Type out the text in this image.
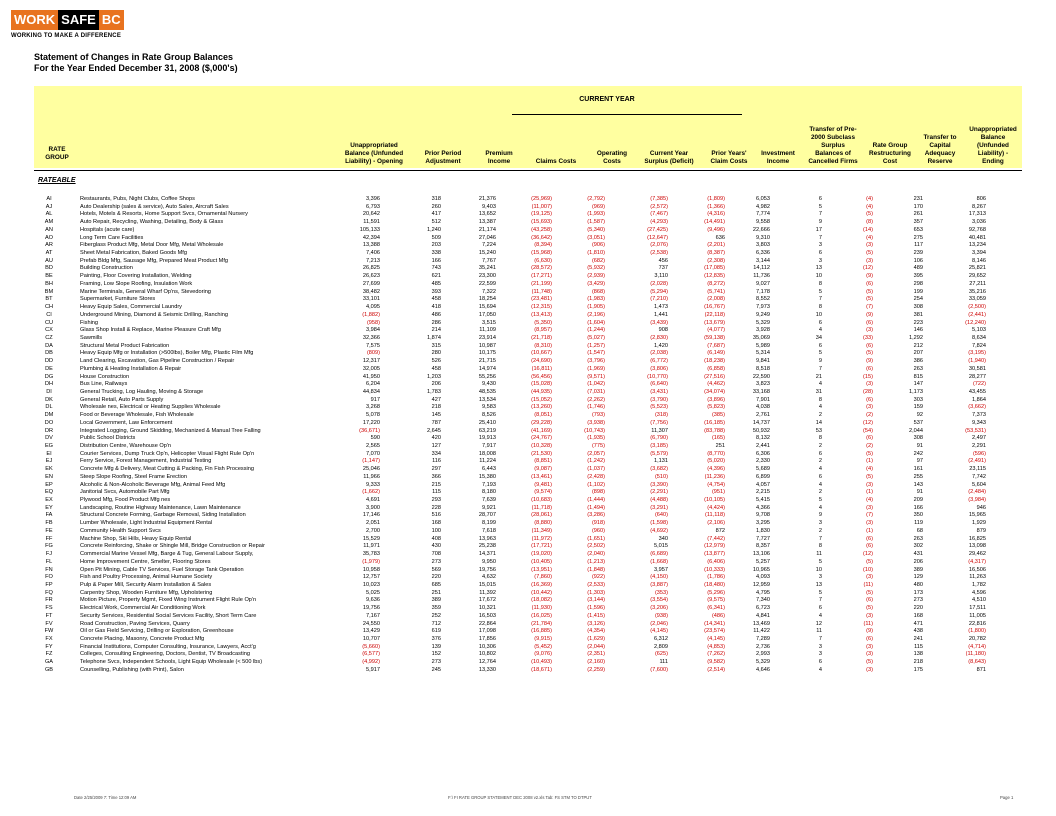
WORK SAFE BC
WORKING TO MAKE A DIFFERENCE
Statement of Changes in Rate Group Balances
For the Year Ended December 31, 2008 ($,000's)
CURRENT YEAR
RATE
GROUP
Unappropriated
Balance (Unfunded
Liability) - Opening
Prior Period
Adjustment
Premium
Income	Claims Costs
Operating
Costs
Current Year
Surplus (Deficit)
Prior Years'
Claim Costs
Investment
Income
Transfer of Pre-
2000 Subclass
Surplus
Balances of
Cancelled Firms
Rate Group
Restructuring
Cost
Transfer to
Capital
Adequacy
Reserve
Unappropriated
Balance
(Unfunded
Liability) -
Ending
RATEABLE
AI	Restaurants, Pubs, Night Clubs, Coffee Shops	3,396	318	21,376	(25,969)	(2,792)	(7,385)	(1,809)	6,053	6	(4)	231	806
AJ	Auto Dealership (sales & service), Auto Sales, Aircraft Sales	6,793	260	9,403	(11,007)	(969)	(2,572)	(1,366)	4,982	5	(4)	170	8,267
AL	Hotels, Motels & Resorts, Home Support Svcs, Ornamental Nursery	20,642	417	13,652	(19,125)	(1,993)	(7,467)	(4,316)	7,774	7	(5)	261	17,313
AM	Auto Repair, Recycling, Washing, Detailing, Body & Glass	11,591	512	13,387	(15,693)	(1,587)	(4,293)	(14,491)	9,558	9	(8)	357	3,036
AN	Hospitals (acute care)	105,133	1,240	21,174	(43,258)	(5,340)	(27,425)	(9,496)	22,666	17	(14)	653	92,768
AO	Long Term Care Facilities	42,394	509	27,046	(36,642)	(3,051)	(12,647)	636	9,310	7	(4)	275	40,481
AR	Fiberglass Product Mfg, Metal Door Mfg, Metal Wholesale	13,388	203	7,224	(8,394)	(906)	(2,076)	(2,201)	3,803	3	(3)	117	13,234
AT	Sheet Metal Fabrication, Baked Goods Mfg	7,406	338	15,240	(15,968)	(1,810)	(2,538)	(8,387)	6,336	6	(5)	239	3,394
AU	Prefab Bldg Mfg, Sausage Mfg, Prepared Meat Product Mfg	7,213	166	7,767	(6,630)	(682)	456	(2,308)	3,144	3	(3)	106	8,146
BD	Building Construction	26,825	743	35,241	(28,572)	(5,932)	737	(17,085)	14,112	13	(12)	489	25,821
BE	Painting, Floor Covering Installation, Welding	26,623	621	23,300	(17,271)	(2,939)	3,110	(12,835)	11,736	10	(9)	395	29,652
BH	Framing, Low Slope Roofing, Insulation Work	27,699	485	22,599	(21,199)	(3,429)	(2,028)	(8,272)	9,027	8	(6)	298	27,211
BM	Marine Terminals, General Wharf Op'ns, Stevedoring	38,482	393	7,322	(11,748)	(868)	(5,294)	(5,741)	7,178	5	(5)	199	35,216
BT	Supermarket, Furniture Stores	33,101	458	18,254	(23,481)	(1,983)	(7,210)	(2,008)	8,552	7	(5)	254	33,059
CH	Heavy Equip Sales, Commercial Laundry	4,095	418	15,694	(12,315)	(1,905)	1,473	(16,767)	7,973	8	(7)	308	(2,500)
CI	Underground Mining, Diamond & Seismic Drilling, Ranching	(1,882)	486	17,050	(13,413)	(2,196)	1,441	(22,118)	9,249	10	(9)	381	(2,441)
CU	Fishing	(958)	286	3,515	(5,350)	(1,604)	(3,439)	(13,679)	5,329	6	(6)	223	(12,240)
CX	Glass Shop Install & Replace, Marine Pleasure Craft Mfg	3,984	214	11,109	(8,957)	(1,244)	908	(4,077)	3,928	4	(3)	146	5,103
CZ	Sawmills	32,366	1,874	23,914	(21,718)	(5,027)	(2,830)	(59,138)	35,069	34	(33)	1,292	8,634
DA	Structural Metal Product Fabrication	7,575	315	10,987	(8,310)	(1,257)	1,420	(7,687)	5,989	6	(6)	212	7,824
DB	Heavy Equip Mfg or Installation (>500lbs), Boiler Mfg, Plastic Film Mfg	(809)	280	10,175	(10,667)	(1,547)	(2,038)	(6,149)	5,314	5	(5)	207	(3,195)
DD	Land Clearing, Excavation, Gas Pipeline Construction / Repair	12,317	526	21,715	(24,690)	(3,796)	(6,772)	(18,238)	9,841	9	(9)	386	(1,940)
DE	Plumbing & Heating Installation & Repair	32,005	458	14,974	(16,811)	(1,969)	(3,806)	(6,858)	8,518	7	(6)	263	30,581
DG	House Construction	41,950	1,203	55,256	(56,456)	(9,571)	(10,770)	(27,516)	22,590	21	(15)	815	28,277
DH	Bus Line, Railways	6,204	206	9,430	(15,028)	(1,042)	(6,640)	(4,462)	3,823	4	(3)	147	(722)
DI	General Trucking, Log Hauling, Moving & Storage	44,834	1,783	48,535	(44,935)	(7,031)	(3,431)	(34,074)	33,168	31	(28)	1,173	43,455
DK	General Retail, Auto Parts Supply	917	427	13,534	(15,052)	(2,262)	(3,790)	(3,896)	7,901	8	(6)	303	1,864
DL	Wholesale nes, Electrical or Heating Supplies Wholesale	3,268	218	9,583	(13,260)	(1,746)	(5,523)	(5,823)	4,038	4	(3)	159	(3,662)
DM	Food or Beverage Wholesale, Fish Wholesale	5,078	145	8,526	(8,051)	(793)	(318)	(385)	2,761	2	(2)	92	7,373
DO	Local Government, Law Enforcement	17,220	787	25,410	(29,228)	(3,938)	(7,756)	(16,185)	14,737	14	(12)	537	9,343
DR	Integrated Logging, Ground Skidding, Mechanized & Manual Tree Falling	(36,671)	2,645	63,219	(41,169)	(10,743)	11,307	(83,788)	50,932	53	(54)	2,044	(53,531)
DV	Public School Districts	590	420	19,913	(24,767)	(1,935)	(6,790)	(165)	8,132	8	(6)	308	2,497
EG	Distribution Centre, Warehouse Op'n	2,565	127	7,917	(10,328)	(775)	(3,185)	251	2,441	2	(2)	91	2,291
EI	Courier Services, Dump Truck Op'n, Helicopter Visual Flight Rule Op'n	7,070	334	18,008	(21,530)	(2,057)	(5,579)	(8,770)	6,306	6	(5)	242	(596)
EJ	Ferry Service, Forest Management, Industrial Testing	(1,147)	116	11,224	(8,851)	(1,242)	1,131	(5,020)	2,330	2	(1)	97	(2,491)
EK	Concrete Mfg & Delivery, Meat Cutting & Packing, Fin Fish Processing	25,046	297	6,443	(9,087)	(1,037)	(3,682)	(4,396)	5,689	4	(4)	161	23,115
EN	Steep Slope Roofing, Steel Frame Erection	11,966	366	15,380	(13,461)	(2,428)	(510)	(11,236)	6,899	6	(5)	255	7,742
EP	Alcoholic & Non-Alcoholic Beverage Mfg, Animal Feed Mfg	9,333	215	7,193	(9,481)	(1,102)	(3,390)	(4,754)	4,057	4	(3)	143	5,604
EQ	Janitorial Svcs, Automobile Part Mfg	(1,662)	115	8,180	(9,574)	(898)	(2,291)	(951)	2,215	2	(1)	91	(2,484)
EX	Plywood Mfg, Food Product Mfg nes	4,691	293	7,639	(10,683)	(1,444)	(4,488)	(10,105)	5,415	5	(4)	209	(3,984)
EY	Landscaping, Routine Highway Maintenance, Lawn Maintenance	3,900	228	9,921	(11,718)	(1,494)	(3,291)	(4,424)	4,366	4	(3)	166	946
FA	Structural Concrete Forming, Garbage Removal, Siding Installation	17,146	516	28,707	(28,061)	(3,286)	(640)	(11,118)	9,708	9	(7)	350	15,965
FB	Lumber Wholesale, Light Industrial Equipment Rental	2,051	168	8,199	(8,880)	(918)	(1,598)	(2,106)	3,295	3	(3)	119	1,929
FE	Community Health Support Svcs	2,700	100	7,618	(11,349)	(960)	(4,692)	872	1,830	2	(1)	68	879
FF	Machine Shop, Ski Hills, Heavy Equip Rental	15,529	408	13,963	(11,972)	(1,651)	340	(7,442)	7,727	7	(6)	263	16,825
FG	Concrete Reinforcing, Shake or Shingle Mill, Bridge Construction or Repair	11,971	430	25,238	(17,721)	(2,502)	5,015	(12,979)	8,357	8	(6)	302	13,098
FJ	Commercial Marine Vessel Mfg, Barge & Tug, General Labour Supply,	35,783	708	14,371	(19,020)	(2,040)	(6,689)	(13,877)	13,106	11	(12)	431	29,462
FL	Home Improvement Centre, Smelter, Flooring Stores	(1,979)	273	9,950	(10,405)	(1,213)	(1,668)	(6,406)	5,257	5	(5)	206	(4,317)
FN	Open Pit Mining, Cable TV Services, Fuel Storage Tank Operation	10,958	569	19,756	(13,951)	(1,848)	3,957	(10,333)	10,965	10	(10)	389	16,506
FO	Fish and Poultry Processing, Animal Humane Society	12,757	220	4,632	(7,860)	(922)	(4,150)	(1,786)	4,093	3	(3)	129	11,263
FP	Pulp & Paper Mill, Security Alarm Installation & Sales	10,023	685	15,015	(16,369)	(2,533)	(3,887)	(18,480)	12,959	13	(11)	480	1,782
FQ	Carpentry Shop, Wooden Furniture Mfg, Upholstering	5,025	251	11,392	(10,442)	(1,303)	(353)	(5,296)	4,795	5	(5)	173	4,596
FR	Motion Picture, Property Mgmt, Fixed Wing Instrument Flight Rule Op'n	9,636	389	17,672	(18,082)	(3,144)	(3,554)	(9,575)	7,340	7	(6)	273	4,510
FS	Electrical Work, Commercial Air Conditioning Work	19,756	359	10,321	(11,930)	(1,596)	(3,206)	(6,341)	6,723	6	(5)	220	17,511
FT	Security Services, Residential Social Services Facility, Short Term Care	7,167	252	16,503	(16,025)	(1,415)	(938)	(486)	4,841	4	(3)	168	11,005
FV	Road Construction, Paving Services, Quarry	24,550	712	22,864	(21,784)	(3,126)	(2,046)	(14,341)	13,469	12	(11)	471	22,816
FW	Oil or Gas Field Servicing, Drilling or Exploration, Greenhouse	13,429	619	17,098	(16,885)	(4,354)	(4,145)	(23,574)	11,422	11	(9)	438	(1,800)
FX	Concrete Placing, Masonry, Concrete Product Mfg	10,707	376	17,856	(9,915)	(1,629)	6,312	(4,145)	7,289	7	(6)	241	20,782
FY	Financial Institutions, Computer Consulting, Insurance, Lawyers, Acct'g	(5,660)	139	10,306	(5,452)	(2,044)	2,809	(4,853)	2,736	3	(3)	115	(4,714)
FZ	Colleges, Consulting Engineering, Doctors, Dentist, TV Broadcasting	(6,577)	152	10,802	(9,076)	(2,351)	(625)	(7,262)	2,993	3	(3)	138	(11,180)
GA	Telephone Svcs, Independent Schools, Light Equip Wholesale (< 500 lbs)	(4,992)	273	12,764	(10,493)	(2,160)	111	(9,582)	5,329	6	(5)	218	(8,643)
GB	Counselling, Publishing (with Print), Salon	5,917	245	13,330	(18,671)	(2,259)	(7,600)	(2,514)	4,646	4	(3)	175	871
Date 2/25/2009 7: Time 12:09 AM	F:\ FI RATE GROUP STATEMENT DEC 2008 v2.xls Tab: FS STM TO DTPUT	Page 1
